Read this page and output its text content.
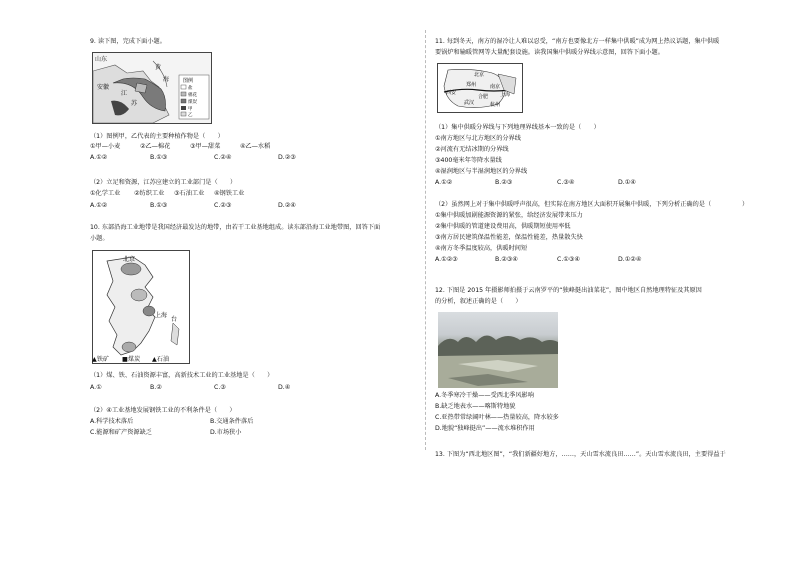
9. 读下图，完成下面小题。
山东
黄
海
安徽
江
苏
图例
盐
棉花
煤炭
甲
乙
（1）图例甲，乙代表的主要种植作物是（　　）
①甲—小麦	②乙—棉花	③甲—甜菜	④乙—水稻
A.①②	B.①③	C.②④	D.②③
（2）立足和资源，江苏应建立的工业部门是（　　）
①化学工业 ②纺织工业 ③石油工业 ④钢铁工业
A.①②	B.①③	C.②③	D.②④
10. 东部沿海工业地带是我国经济最发达的地带，由若干工业基地组成。读东部沿海工业地带图，回答下面
小题。
北京
上海
台
▲铁矿 ■煤炭 ▲石油
（1）煤、铁、石油资源丰富，高新技术工业的工业基地是（　　）
A.①	B.②	C.③	D.④
（2）④工业基地发展钢铁工业的不利条件是（　　）
A.科学技术落后	B.交通条件落后
C.能源和矿产资源缺乏	D.市场狭小
11. 每到冬天，南方的湿冷让人难以忍受，“南方也要像北方一样集中供暖”成为网上热议话题，集中供暖
要锅炉和输暖管网等大量配套设施。读我国集中供暖分界线示意图，回答下面小题。
北京
郑州	南京
上海
西安
合肥
武汉	杭州
（1）集中供暖分界线与下列地理界线基本一致的是（　　）
①南方地区与北方地区的分界线
②河流有无结冰期的分界线
③400毫米年等降水量线
④湿润地区与半湿润地区的分界线
A.①②	B.②③	C.③④	D.①④
（2）虽然网上对于集中供暖呼声很高，但实际在南方地区大面积开展集中供暖，下列分析正确的是（	）
①集中供暖加剧能源资源的紧张，给经济发展带来压力
②集中供暖的管道建设费用高，供暖期短使用率低
③南方居民建筑保温性能差，保温性能差，热量散失快
④南方冬季温度较高，供暖时间短
A.①②③	B.②③④	C.①③④	D.①②④
12. 下图是 2015 年摄影师拍摄于云南罗平的“独峰挺出油菜花”，图中地区自然地理特征及其原因
的分析，叙述正确的是（　　）
A.冬季寒冷干燥——受西北季风影响
B.缺乏地表水——喀斯特地貌
C.亚热带常绿阔叶林——热量较高，降水较多
D.地貌“独峰挺出”——流水堆积作用
13. 下图为“西北地区图”，“我们新疆好地方，……，天山雪水流良田……”。天山雪水流良田，主要得益于
